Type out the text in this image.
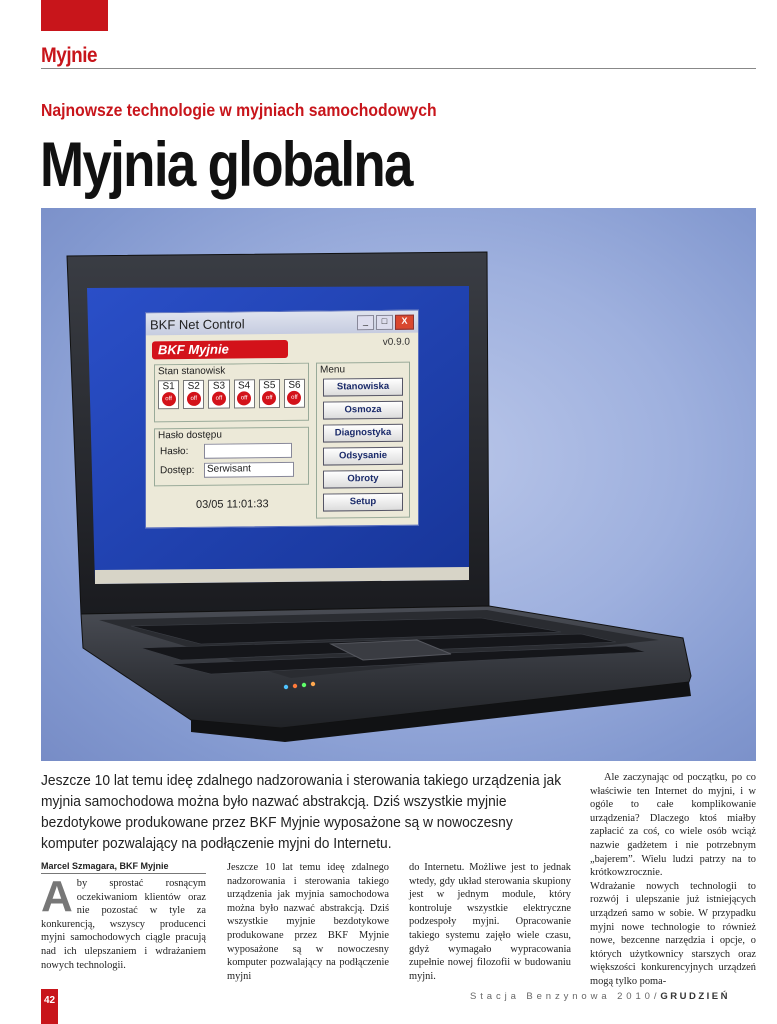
Myjnie
Najnowsze technologie w myjniach samochodowych
Myjnia globalna
BKF Net Control	_	□	X
BKF Myjnie	v0.9.0
Stan stanowisk
S1
off
S2
off
S3
off
S4
off
S5
off
S6
off
Hasło dostępu
Hasło:
Dostęp:	Serwisant
03/05 11:01:33
Menu
Stanowiska
Osmoza
Diagnostyka
Odsysanie
Obroty
Setup
Jeszcze 10 lat temu ideę zdalnego nadzorowania i sterowania takiego urządzenia jak myjnia samochodowa można było nazwać abstrakcją. Dziś wszystkie myjnie bezdotykowe produkowane przez BKF Myjnie wyposażone są w nowoczesny komputer pozwalający na podłączenie myjni do Internetu.
Marcel Szmagara, BKF Myjnie
A by sprostać rosnącym oczekiwaniom klientów oraz nie pozostać w tyle za konkurencją, wszyscy producenci myjni samochodowych ciągle pracują nad ich ulepszaniem i wdrażaniem nowych technologii.
Jeszcze 10 lat temu ideę zdalnego nadzorowania i sterowania takiego urządzenia jak myjnia samochodowa można było nazwać abstrakcją. Dziś wszystkie myjnie bezdotykowe produkowane przez BKF Myjnie wyposażone są w nowoczesny komputer pozwalający na podłączenie myjni
do Internetu. Możliwe jest to jednak wtedy, gdy układ sterowania skupiony jest w jednym module, który kontroluje wszystkie elektryczne podzespoły myjni. Opracowanie takiego systemu zajęło wiele czasu, gdyż wymagało wypracowania zupełnie nowej filozofii w budowaniu myjni.

Ale zaczynając od początku, po co właściwie ten Internet do myjni, i w ogóle to całe komplikowanie urządzenia? Dlaczego ktoś miałby zapłacić za coś, co wiele osób wciąż nazwie gadżetem i nie potrzebnym „bajerem”. Wielu ludzi patrzy na to krótkowzrocznie.

Wdrażanie nowych technologii to rozwój i ulepszanie już istniejących urządzeń samo w sobie. W przypadku myjni nowe technologie to również nowe, bezcenne narzędzia i opcje, o których użytkownicy starszych oraz większości konkurencyjnych urządzeń mogą tylko poma-

Stacja Benzynowa 2010/GRUDZIEŃ
42
